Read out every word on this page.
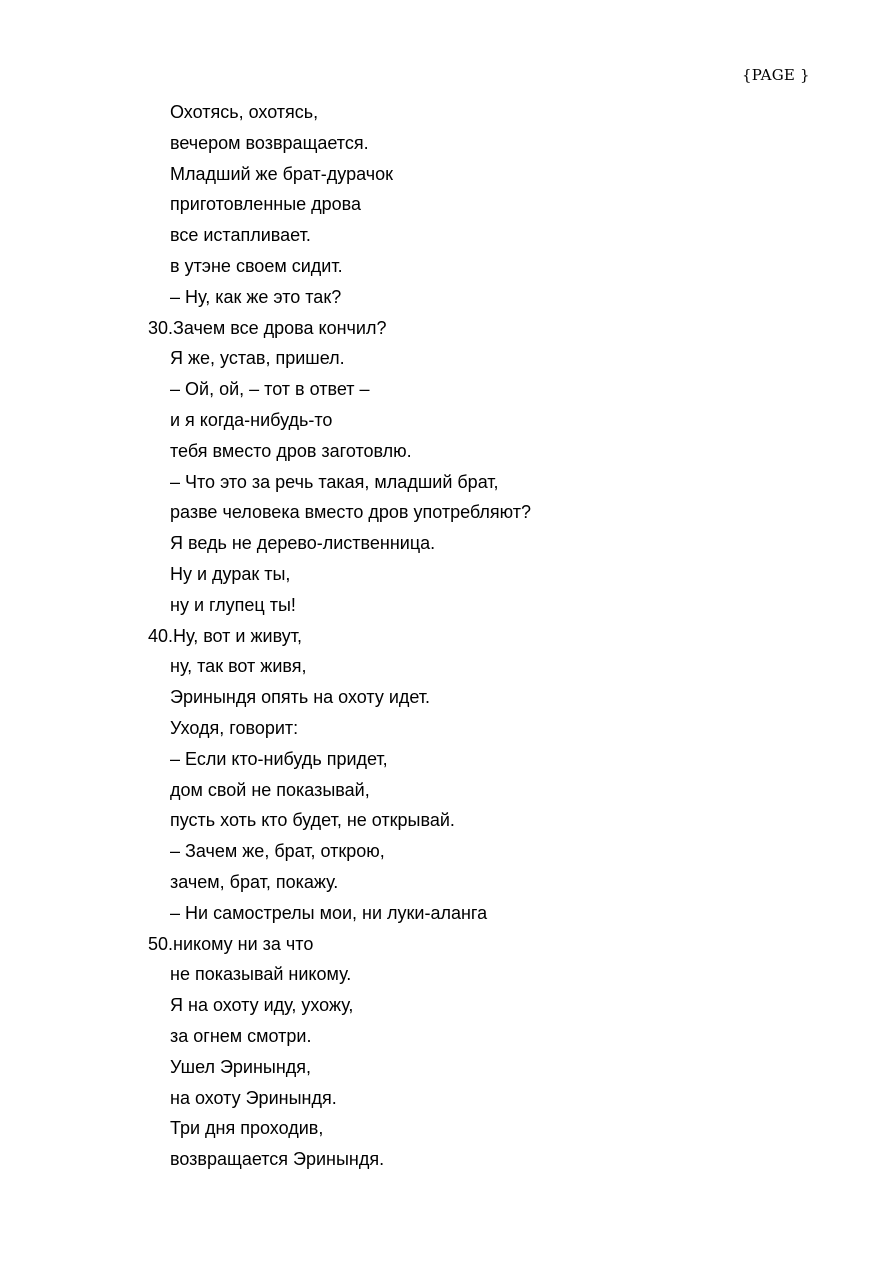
{PAGE }
Охотясь, охотясь,
вечером возвращается.
Младший же брат-дурачок
приготовленные дрова
все истапливает.
в утэне своем сидит.
– Ну, как же это так?
30. Зачем все дрова кончил?
Я же, устав, пришел.
– Ой, ой, – тот в ответ –
и я когда-нибудь-то
тебя вместо дров заготовлю.
– Что это за речь такая, младший брат,
разве человека вместо дров употребляют?
Я ведь не дерево-лиственница.
Ну и дурак ты,
ну и глупец ты!
40. Ну, вот и живут,
ну, так вот живя,
Эринындя опять на охоту идет.
Уходя, говорит:
– Если кто-нибудь придет,
дом свой не показывай,
пусть хоть кто будет, не открывай.
– Зачем же, брат, открою,
зачем, брат, покажу.
– Ни самострелы мои, ни луки-аланга
50. никому ни за что
не показывай никому.
Я на охоту иду, ухожу,
за огнем смотри.
Ушел Эринындя,
на охоту Эринындя.
Три дня проходив,
возвращается Эринындя.
